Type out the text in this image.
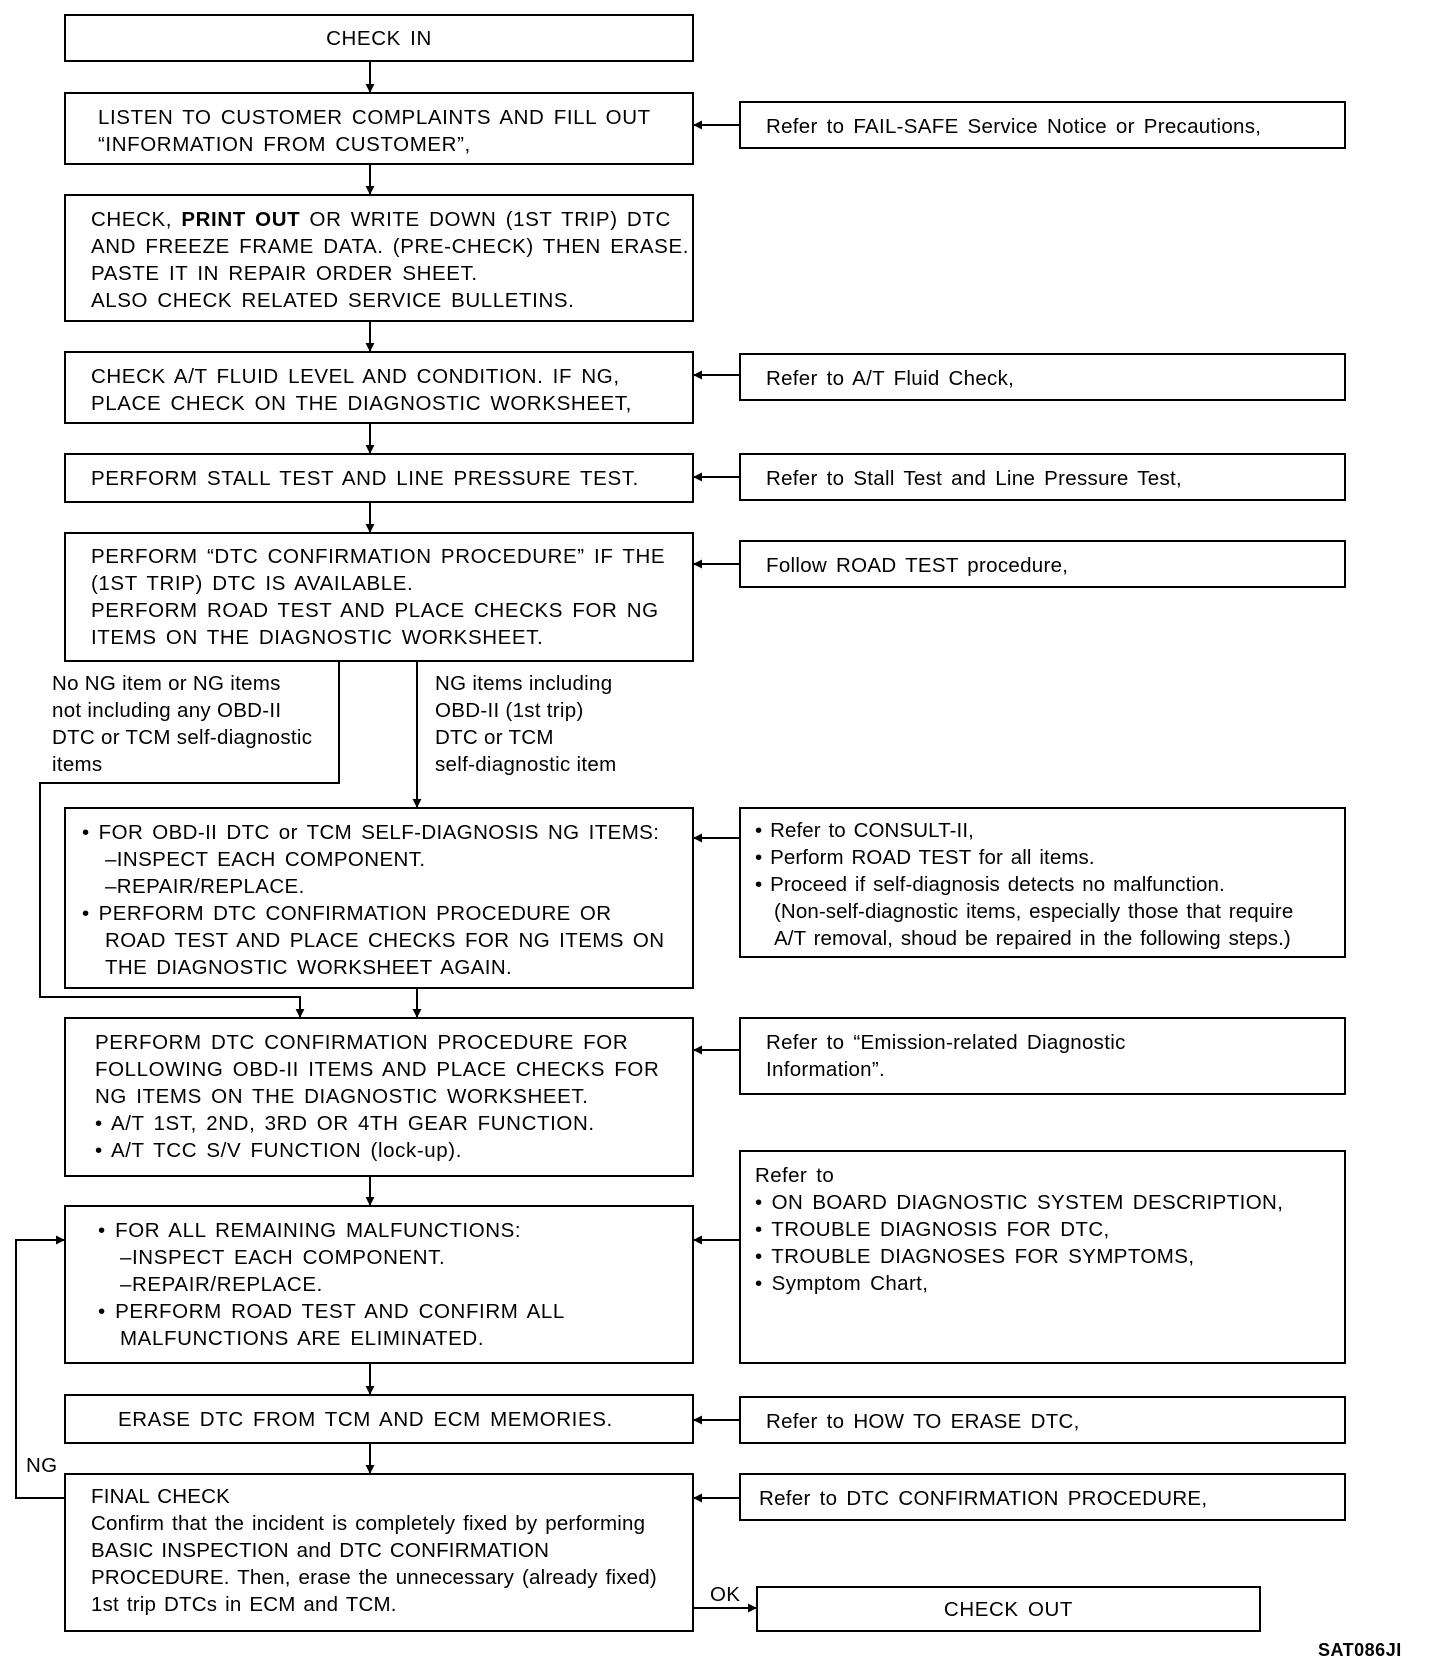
CHECK IN
LISTEN TO CUSTOMER COMPLAINTS AND FILL OUT
“INFORMATION FROM CUSTOMER”,
CHECK, PRINT OUT OR WRITE DOWN (1ST TRIP) DTC
AND FREEZE FRAME DATA. (PRE-CHECK) THEN ERASE.
PASTE IT IN REPAIR ORDER SHEET.
ALSO CHECK RELATED SERVICE BULLETINS.
CHECK A/T FLUID LEVEL AND CONDITION. IF NG,
PLACE CHECK ON THE DIAGNOSTIC WORKSHEET,
PERFORM STALL TEST AND LINE PRESSURE TEST.
PERFORM “DTC CONFIRMATION PROCEDURE” IF THE
(1ST TRIP) DTC IS AVAILABLE.
PERFORM ROAD TEST AND PLACE CHECKS FOR NG
ITEMS ON THE DIAGNOSTIC WORKSHEET.
No NG item or NG items
not including any OBD-II
DTC or TCM self-diagnostic
items
NG items including
OBD-II (1st trip)
DTC or TCM
self-diagnostic item
• FOR OBD-II DTC or TCM SELF-DIAGNOSIS NG ITEMS:
–INSPECT EACH COMPONENT.
–REPAIR/REPLACE.
• PERFORM DTC CONFIRMATION PROCEDURE OR
ROAD TEST AND PLACE CHECKS FOR NG ITEMS ON
THE DIAGNOSTIC WORKSHEET AGAIN.
PERFORM DTC CONFIRMATION PROCEDURE FOR
FOLLOWING OBD-II ITEMS AND PLACE CHECKS FOR
NG ITEMS ON THE DIAGNOSTIC WORKSHEET.
• A/T 1ST, 2ND, 3RD OR 4TH GEAR FUNCTION.
• A/T TCC S/V FUNCTION (lock-up).
• FOR ALL REMAINING MALFUNCTIONS:
–INSPECT EACH COMPONENT.
–REPAIR/REPLACE.
• PERFORM ROAD TEST AND CONFIRM ALL
MALFUNCTIONS ARE ELIMINATED.
ERASE DTC FROM TCM AND ECM MEMORIES.
NG
FINAL CHECK
Confirm that the incident is completely fixed by performing
BASIC INSPECTION and DTC CONFIRMATION
PROCEDURE. Then, erase the unnecessary (already fixed)
1st trip DTCs in ECM and TCM.	OK
CHECK OUT
Refer to FAIL-SAFE Service Notice or Precautions,
Refer to A/T Fluid Check,
Refer to Stall Test and Line Pressure Test,
Follow ROAD TEST procedure,
• Refer to CONSULT-II,
• Perform ROAD TEST for all items.
• Proceed if self-diagnosis detects no malfunction.
(Non-self-diagnostic items, especially those that require
A/T removal, shoud be repaired in the following steps.)
Refer to “Emission-related Diagnostic
Information”.
Refer to
• ON BOARD DIAGNOSTIC SYSTEM DESCRIPTION,
• TROUBLE DIAGNOSIS FOR DTC,
• TROUBLE DIAGNOSES FOR SYMPTOMS,
• Symptom Chart,
Refer to HOW TO ERASE DTC,
Refer to DTC CONFIRMATION PROCEDURE,
SAT086JI
